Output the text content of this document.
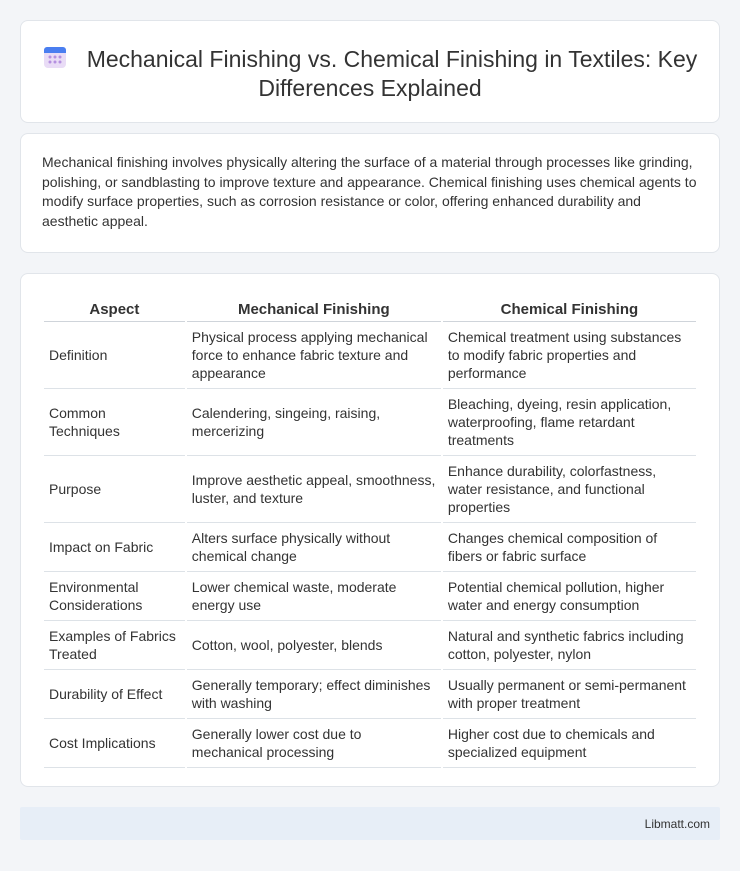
Mechanical Finishing vs. Chemical Finishing in Textiles: Key Differences Explained

Mechanical finishing involves physically altering the surface of a material through processes like grinding, polishing, or sandblasting to improve texture and appearance. Chemical finishing uses chemical agents to modify surface properties, such as corrosion resistance or color, offering enhanced durability and aesthetic appeal.

Aspect	Mechanical Finishing	Chemical Finishing
Definition	Physical process applying mechanical force to enhance fabric texture and appearance	Chemical treatment using substances to modify fabric properties and performance
Common Techniques	Calendering, singeing, raising, mercerizing	Bleaching, dyeing, resin application, waterproofing, flame retardant treatments
Purpose	Improve aesthetic appeal, smoothness, luster, and texture	Enhance durability, colorfastness, water resistance, and functional properties
Impact on Fabric	Alters surface physically without chemical change	Changes chemical composition of fibers or fabric surface
Environmental Considerations	Lower chemical waste, moderate energy use	Potential chemical pollution, higher water and energy consumption
Examples of Fabrics Treated	Cotton, wool, polyester, blends	Natural and synthetic fabrics including cotton, polyester, nylon
Durability of Effect	Generally temporary; effect diminishes with washing	Usually permanent or semi-permanent with proper treatment
Cost Implications	Generally lower cost due to mechanical processing	Higher cost due to chemicals and specialized equipment
Libmatt.com
